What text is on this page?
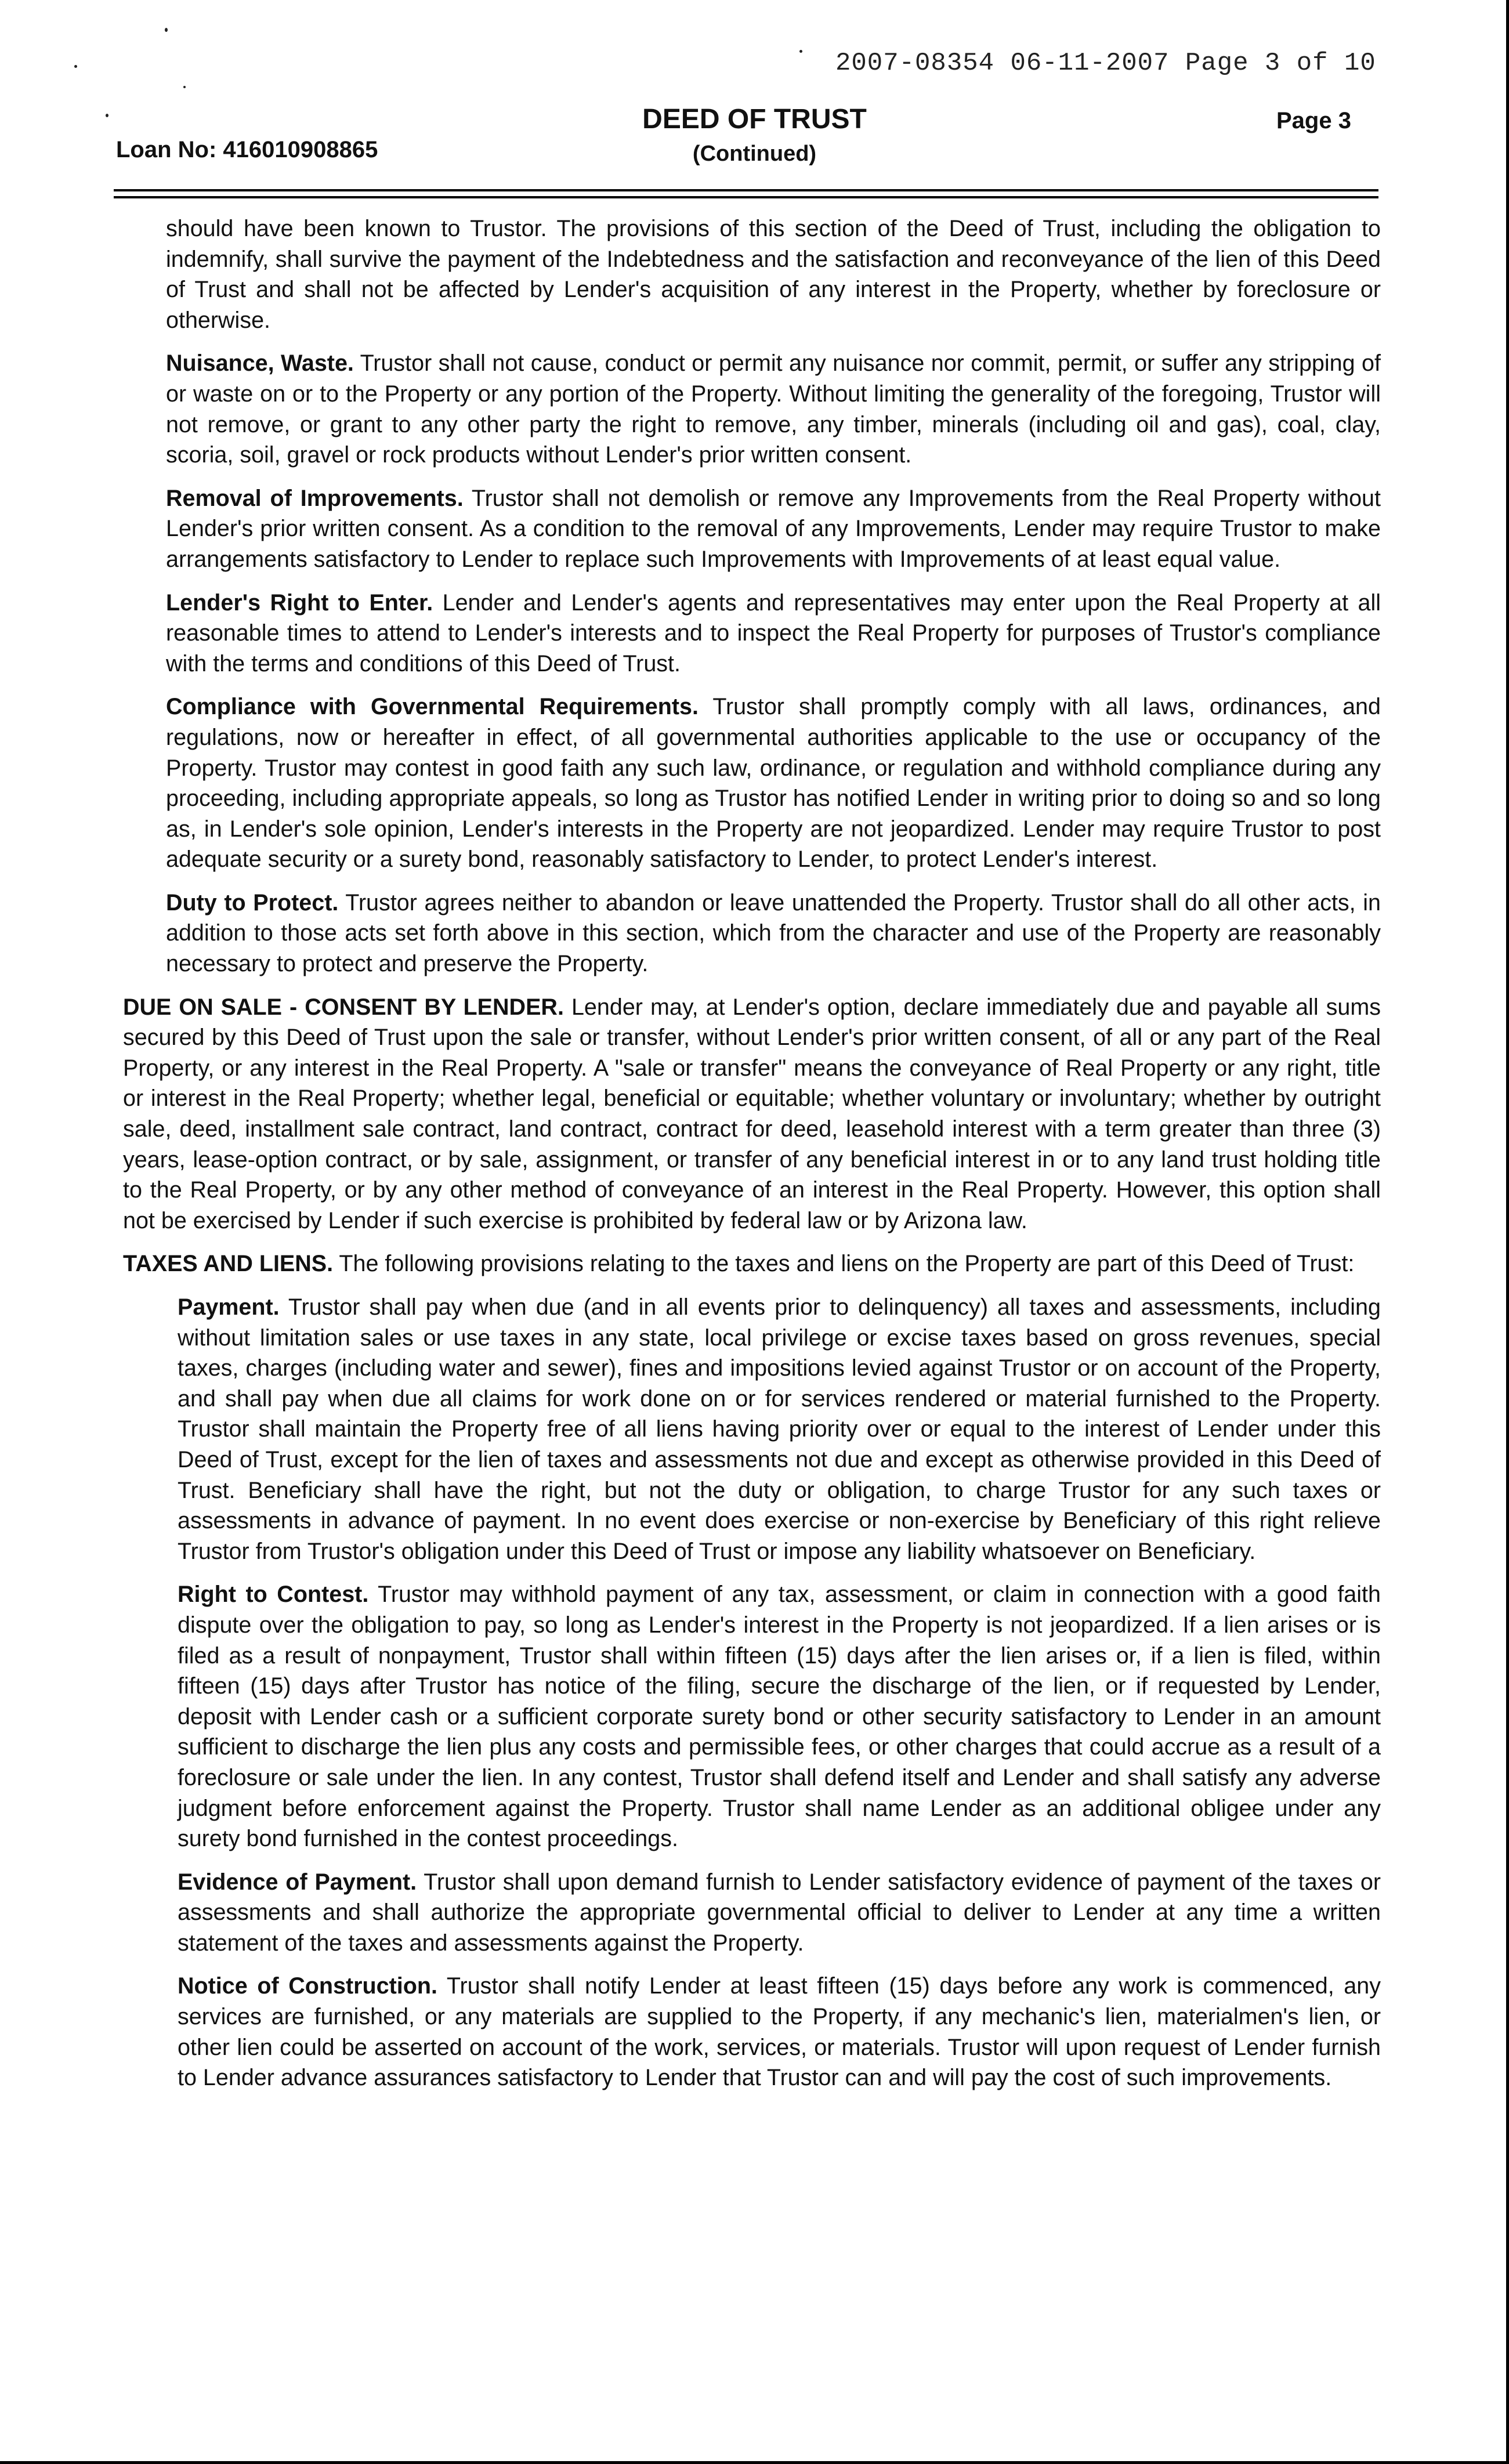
2007-08354 06-11-2007 Page 3 of 10
Loan No: 416010908865
DEED OF TRUST
(Continued)
Page 3

should have been known to Trustor. The provisions of this section of the Deed of Trust, including the obligation to indemnify, shall survive the payment of the Indebtedness and the satisfaction and reconveyance of the lien of this Deed of Trust and shall not be affected by Lender's acquisition of any interest in the Property, whether by foreclosure or otherwise.

Nuisance, Waste. Trustor shall not cause, conduct or permit any nuisance nor commit, permit, or suffer any stripping of or waste on or to the Property or any portion of the Property. Without limiting the generality of the foregoing, Trustor will not remove, or grant to any other party the right to remove, any timber, minerals (including oil and gas), coal, clay, scoria, soil, gravel or rock products without Lender's prior written consent.

Removal of Improvements. Trustor shall not demolish or remove any Improvements from the Real Property without Lender's prior written consent. As a condition to the removal of any Improvements, Lender may require Trustor to make arrangements satisfactory to Lender to replace such Improvements with Improvements of at least equal value.

Lender's Right to Enter. Lender and Lender's agents and representatives may enter upon the Real Property at all reasonable times to attend to Lender's interests and to inspect the Real Property for purposes of Trustor's compliance with the terms and conditions of this Deed of Trust.

Compliance with Governmental Requirements. Trustor shall promptly comply with all laws, ordinances, and regulations, now or hereafter in effect, of all governmental authorities applicable to the use or occupancy of the Property. Trustor may contest in good faith any such law, ordinance, or regulation and withhold compliance during any proceeding, including appropriate appeals, so long as Trustor has notified Lender in writing prior to doing so and so long as, in Lender's sole opinion, Lender's interests in the Property are not jeopardized. Lender may require Trustor to post adequate security or a surety bond, reasonably satisfactory to Lender, to protect Lender's interest.

Duty to Protect. Trustor agrees neither to abandon or leave unattended the Property. Trustor shall do all other acts, in addition to those acts set forth above in this section, which from the character and use of the Property are reasonably necessary to protect and preserve the Property.

DUE ON SALE - CONSENT BY LENDER. Lender may, at Lender's option, declare immediately due and payable all sums secured by this Deed of Trust upon the sale or transfer, without Lender's prior written consent, of all or any part of the Real Property, or any interest in the Real Property. A "sale or transfer" means the conveyance of Real Property or any right, title or interest in the Real Property; whether legal, beneficial or equitable; whether voluntary or involuntary; whether by outright sale, deed, installment sale contract, land contract, contract for deed, leasehold interest with a term greater than three (3) years, lease-option contract, or by sale, assignment, or transfer of any beneficial interest in or to any land trust holding title to the Real Property, or by any other method of conveyance of an interest in the Real Property. However, this option shall not be exercised by Lender if such exercise is prohibited by federal law or by Arizona law.

TAXES AND LIENS. The following provisions relating to the taxes and liens on the Property are part of this Deed of Trust:

Payment. Trustor shall pay when due (and in all events prior to delinquency) all taxes and assessments, including without limitation sales or use taxes in any state, local privilege or excise taxes based on gross revenues, special taxes, charges (including water and sewer), fines and impositions levied against Trustor or on account of the Property, and shall pay when due all claims for work done on or for services rendered or material furnished to the Property. Trustor shall maintain the Property free of all liens having priority over or equal to the interest of Lender under this Deed of Trust, except for the lien of taxes and assessments not due and except as otherwise provided in this Deed of Trust. Beneficiary shall have the right, but not the duty or obligation, to charge Trustor for any such taxes or assessments in advance of payment. In no event does exercise or non-exercise by Beneficiary of this right relieve Trustor from Trustor's obligation under this Deed of Trust or impose any liability whatsoever on Beneficiary.

Right to Contest. Trustor may withhold payment of any tax, assessment, or claim in connection with a good faith dispute over the obligation to pay, so long as Lender's interest in the Property is not jeopardized. If a lien arises or is filed as a result of nonpayment, Trustor shall within fifteen (15) days after the lien arises or, if a lien is filed, within fifteen (15) days after Trustor has notice of the filing, secure the discharge of the lien, or if requested by Lender, deposit with Lender cash or a sufficient corporate surety bond or other security satisfactory to Lender in an amount sufficient to discharge the lien plus any costs and permissible fees, or other charges that could accrue as a result of a foreclosure or sale under the lien. In any contest, Trustor shall defend itself and Lender and shall satisfy any adverse judgment before enforcement against the Property. Trustor shall name Lender as an additional obligee under any surety bond furnished in the contest proceedings.

Evidence of Payment. Trustor shall upon demand furnish to Lender satisfactory evidence of payment of the taxes or assessments and shall authorize the appropriate governmental official to deliver to Lender at any time a written statement of the taxes and assessments against the Property.

Notice of Construction. Trustor shall notify Lender at least fifteen (15) days before any work is commenced, any services are furnished, or any materials are supplied to the Property, if any mechanic's lien, materialmen's lien, or other lien could be asserted on account of the work, services, or materials. Trustor will upon request of Lender furnish to Lender advance assurances satisfactory to Lender that Trustor can and will pay the cost of such improvements.
